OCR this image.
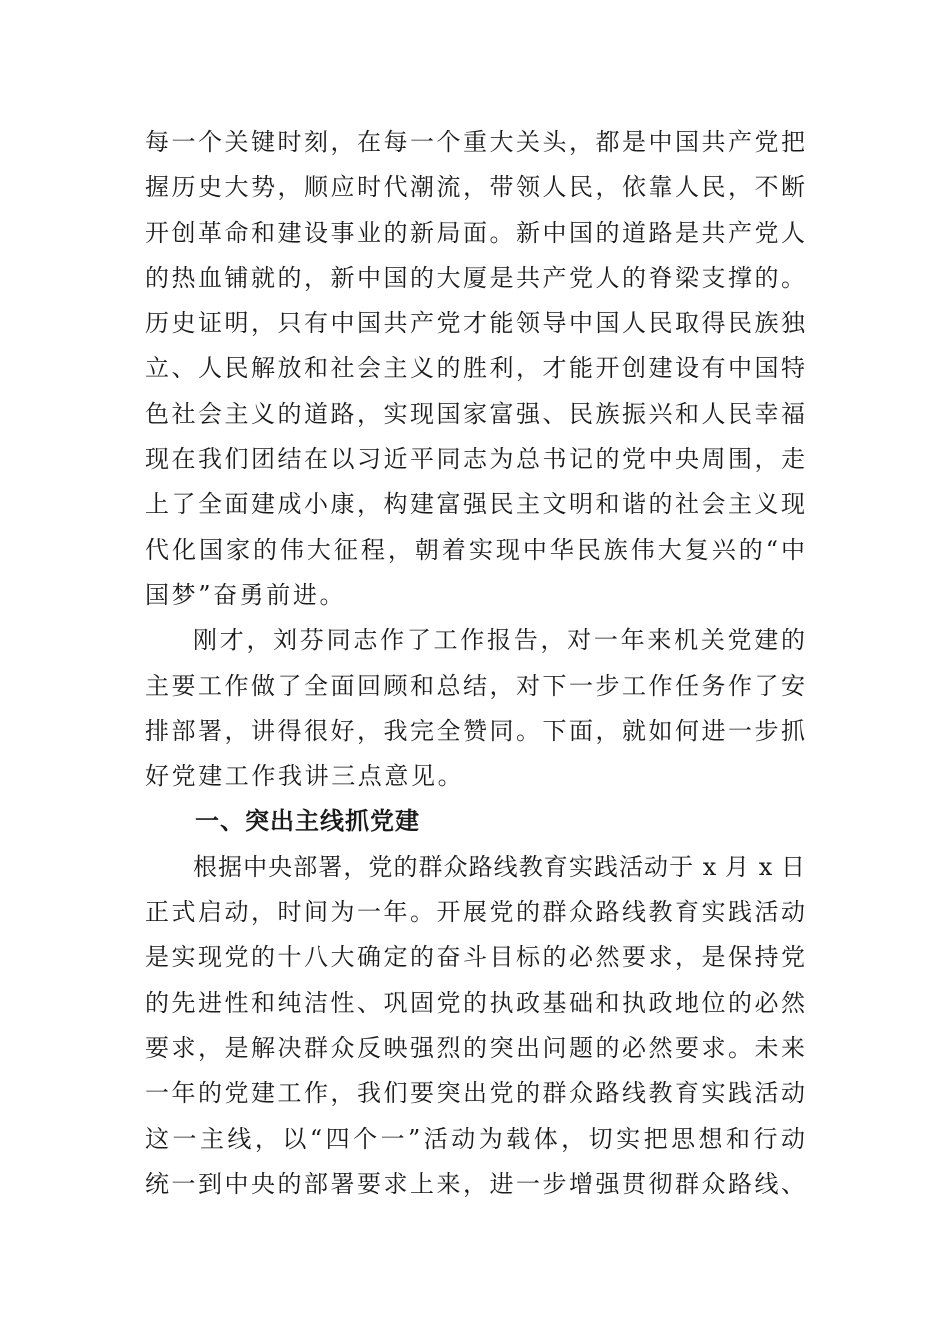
每一个关键时刻，在每一个重大关头，都是中国共产党把
握历史大势，顺应时代潮流，带领人民，依靠人民，不断
开创革命和建设事业的新局面。新中国的道路是共产党人
的热血铺就的，新中国的大厦是共产党人的脊梁支撑的。
历史证明，只有中国共产党才能领导中国人民取得民族独
立、人民解放和社会主义的胜利，才能开创建设有中国特
色社会主义的道路，实现国家富强、民族振兴和人民幸福
现在我们团结在以习近平同志为总书记的党中央周围，走
上了全面建成小康，构建富强民主文明和谐的社会主义现
代化国家的伟大征程，朝着实现中华民族伟大复兴的“中
国梦”奋勇前进。
刚才，刘芬同志作了工作报告，对一年来机关党建的
主要工作做了全面回顾和总结，对下一步工作任务作了安
排部署，讲得很好，我完全赞同。下面，就如何进一步抓
好党建工作我讲三点意见。
一、突出主线抓党建
根据中央部署，党的群众路线教育实践活动于 x 月 x 日
正式启动，时间为一年。开展党的群众路线教育实践活动
是实现党的十八大确定的奋斗目标的必然要求，是保持党
的先进性和纯洁性、巩固党的执政基础和执政地位的必然
要求，是解决群众反映强烈的突出问题的必然要求。未来
一年的党建工作，我们要突出党的群众路线教育实践活动
这一主线，以“四个一”活动为载体，切实把思想和行动
统一到中央的部署要求上来，进一步增强贯彻群众路线、
